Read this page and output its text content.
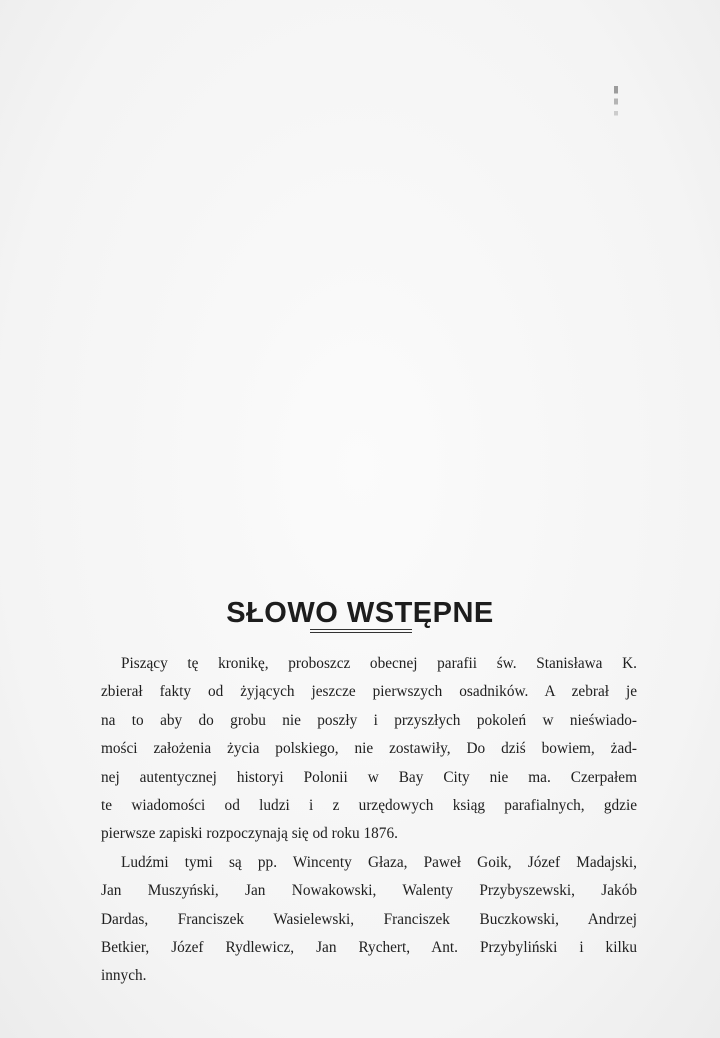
SŁOWO WSTĘPNE
Piszący tę kronikę, proboszcz obecnej parafii św. Stanisława K.
zbierał fakty od żyjących jeszcze pierwszych osadników. A zebrał je
na to aby do grobu nie poszły i przyszłych pokoleń w nieświado-
mości założenia życia polskiego, nie zostawiły, Do dziś bowiem, żad-
nej autentycznej historyi Polonii w Bay City nie ma. Czerpałem
te wiadomości od ludzi i z urzędowych ksiąg parafialnych, gdzie
pierwsze zapiski rozpoczynają się od roku 1876.
Ludźmi tymi są pp. Wincenty Głaza, Paweł Goik, Józef Madajski,
Jan Muszyński, Jan Nowakowski, Walenty Przybyszewski, Jakób
Dardas, Franciszek Wasielewski, Franciszek Buczkowski, Andrzej
Betkier, Józef Rydlewicz, Jan Rychert, Ant. Przybyliński i kilku
innych.
